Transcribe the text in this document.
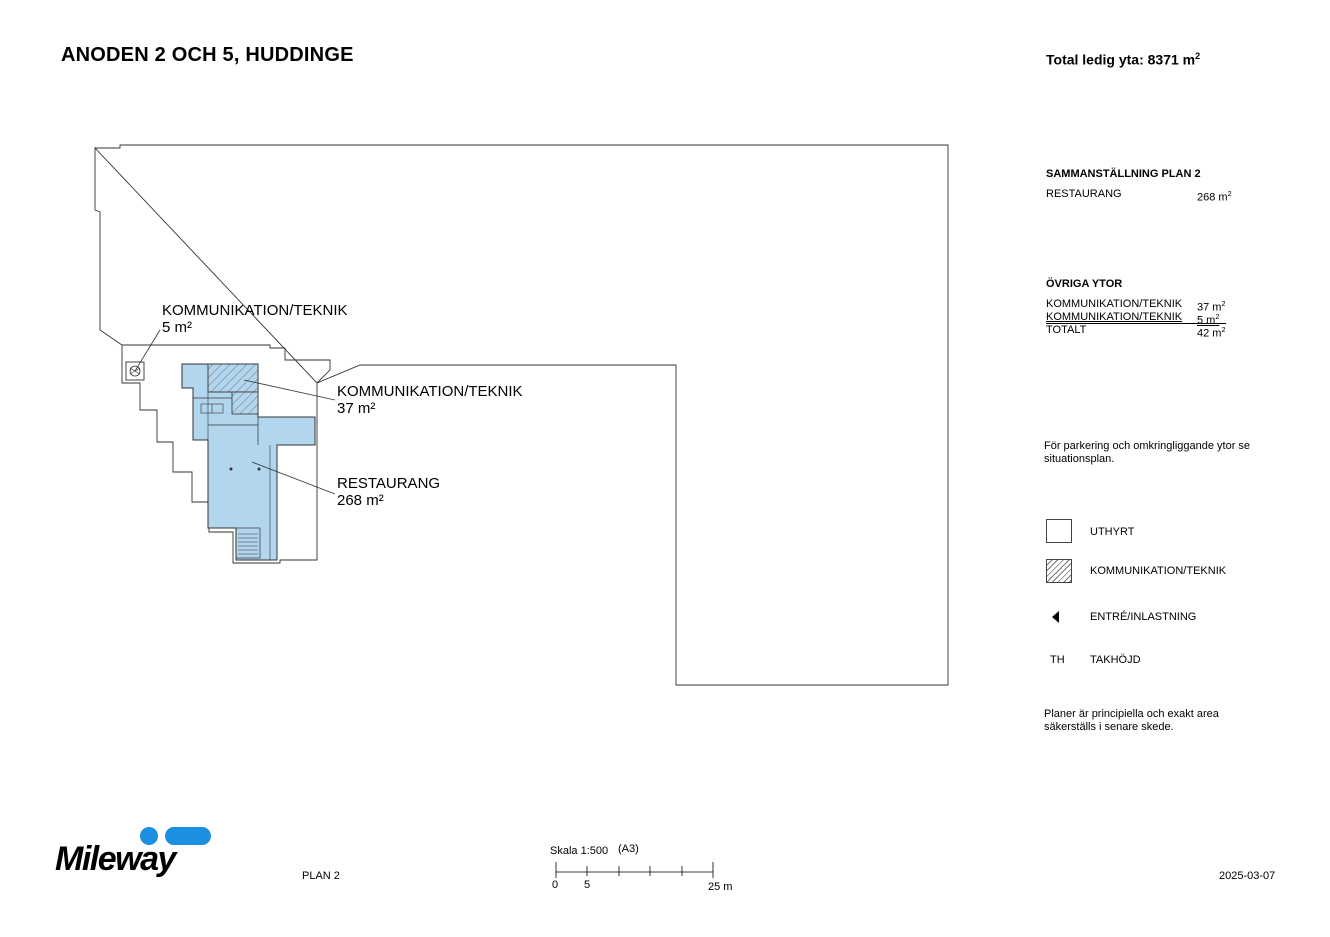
ANODEN 2 OCH 5, HUDDINGE	Total ledig yta: 8371 $m^2$
KOMMUNIKATION/TEKNIK
5 m²
KOMMUNIKATION/TEKNIK
37 m²
RESTAURANG
268 m²
SAMMANSTÄLLNING PLAN 2
RESTAURANG	268 $m^2$
ÖVRIGA YTOR
KOMMUNIKATION/TEKNIK 37 $m^2$
KOMMUNIKATION/TEKNIK 5 $m^2$
TOTALT	42 $m^2$
För parkering och omkringliggande ytor se situationsplan.
UTHYRT
KOMMUNIKATION/TEKNIK
ENTRÉ/INLASTNING
TH TAKHÖJD
Planer är principiella och exakt area säkerställs i senare skede.
Mileway	PLAN 2
Skala 1:500 (A3)
0 5	25 m
2025-03-07
